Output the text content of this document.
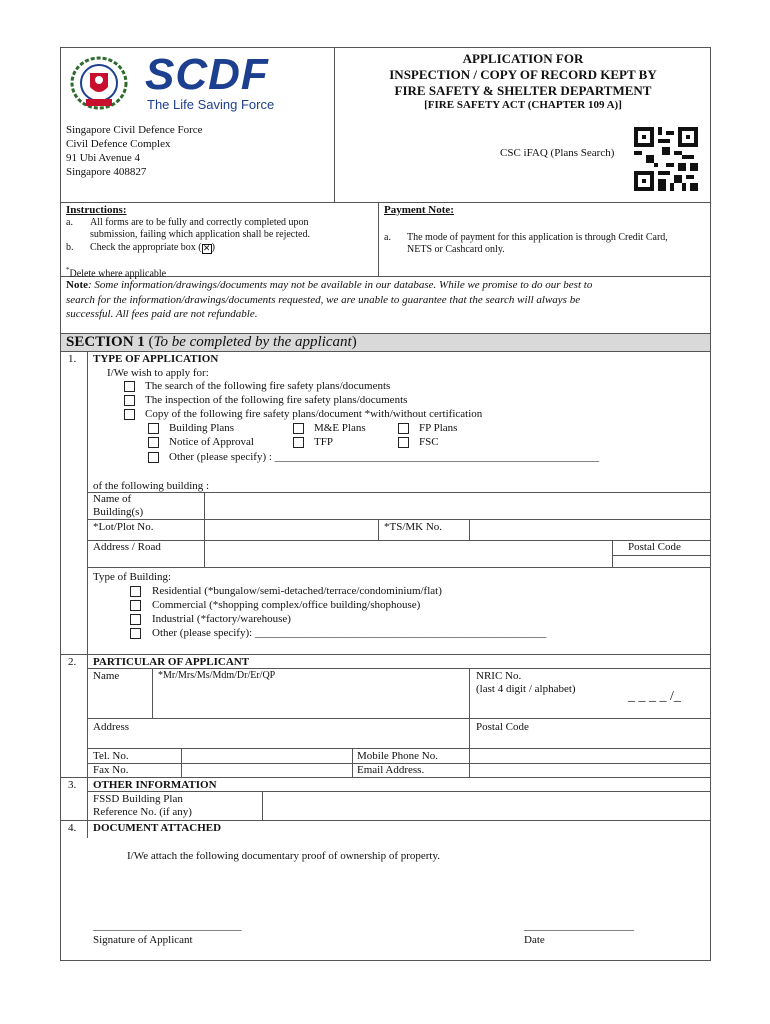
SCDF
The Life Saving Force
APPLICATION FOR
INSPECTION / COPY OF RECORD KEPT BY
FIRE SAFETY & SHELTER DEPARTMENT
[FIRE SAFETY ACT (CHAPTER 109 A)]
Singapore Civil Defence Force
Civil Defence Complex
91 Ubi Avenue 4
Singapore 408827
CSC iFAQ (Plans Search)
Instructions:
a. All forms are to be fully and correctly completed upon
submission, failing which application shall be rejected.
b. Check the appropriate box (✕)
*Delete where applicable
Payment Note:
a. The mode of payment for this application is through Credit Card,
NETS or Cashcard only.
Note: Some information/drawings/documents may not be available in our database. While we promise to do our best to
search for the information/drawings/documents requested, we are unable to guarantee that the search will always be
successful. All fees paid are not refundable.
SECTION 1 (To be completed by the applicant)
1. TYPE OF APPLICATION
I/We wish to apply for:
The search of the following fire safety plans/documents
The inspection of the following fire safety plans/documents
Copy of the following fire safety plans/document *with/without certification
Building Plans	M&E Plans	FP Plans
Notice of Approval	TFP	FSC
Other (please specify) : ___________________________________________________________
of the following building :
Name of
Building(s)
*Lot/Plot No.	*TS/MK No.
Address / Road	Postal Code
Type of Building:
Residential (*bungalow/semi-detached/terrace/condominium/flat)
Commercial (*shopping complex/office building/shophouse)
Industrial (*factory/warehouse)
Other (please specify): _____________________________________________________
2. PARTICULAR OF APPLICANT
Name	*Mr/Mrs/Ms/Mdm/Dr/Er/QP	NRIC No.
(last 4 digit / alphabet)	_ _ _ _ /_
Address	Postal Code
Tel. No.	Mobile Phone No.
Fax No.	Email Address.
3. OTHER INFORMATION
FSSD Building Plan
Reference No. (if any)
4. DOCUMENT ATTACHED
I/We attach the following documentary proof of ownership of property.
___________________________
Signature of Applicant
____________________
Date
